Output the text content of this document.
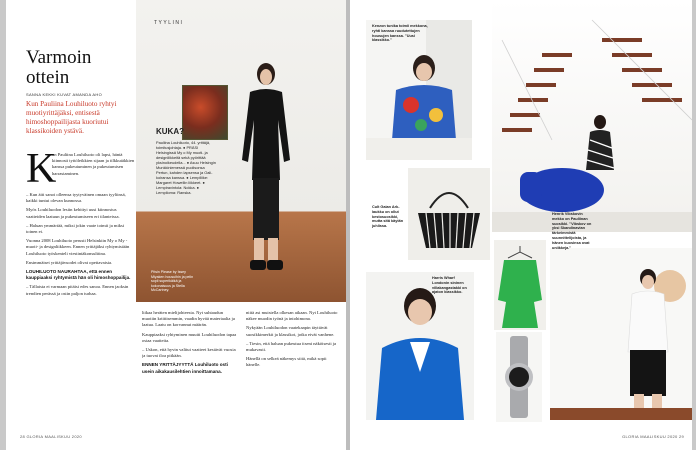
Varmoin ottein
SANNA KEKKI KUVAT AMANDA AHO
Kun Pauliina Louhiluoto ryhtyi muotiyrittäjäksi, entisestä himoshoppailijasta kuoriutui klassikoiden ystävä.
K

un Pauliina Louhiluoto oli lapsi, häntä kiinnosti tyttöleikkien sijaan ja tilkkutäkkien kanssa pukeutuminen ja pukeutumisen harrastaminen.

– Kun äiti sanoi olleensa tyytyväinen omaan tyyliinsä, kaikki tuntui olevan kunnossa.

Myös Louhiluodon lesiin kehittyi uusi kiinnostus vaatteiden laatuun ja pukeutumiseen eri tilanteissa.

– Haluan ymmärtää, miksi jokin vaate toimii ja miksi toinen ei.

Vuonna 2008 Louhiluoto perusti Helsinkiin My o My -muoti- ja designliikkeen. Ennen yrittäjäksi ryhtymistään Louhiluoto työskenteli viestintäkonsulttina.

Ensimmäiset yrittäjävuodet olivat opettavaisia.

LOUHILUOTO NAURAHTAA, että ennen kauppiaaksi ryhtymistä hän oli himoshoppailija.

– Tällaista ei varmaan pitäisi edes sanoa. Ennen jaoksin trendien perässä ja ostin paljon turhaa.

TYYLINI
KUKA?
Pauliina Louhiluoto, 44. yrittäjä, toimitusjohtaja. ● PRÄSI Helsingissä My o My muoti- ja designliikkeitä sekä pyörittää yksinoikeudella... ● Asuu Helsingin Munkkiniemessä puolisonsa Pertun, kahden lapsensa ja Oali-koiransa kanssa. ● Lempiliike: Margaret Howellin liikkeet. ● Lempiravintola: Nokka. ● Lempiloma: Ranska.
Pitsin Please by Issey Miyaken housuihin ja pelin sopii superikäikä ja kokonaisuus ja Stella McCartney.

liikaa heräten mielijohteesta. Nyt suhtaudun muotiin kriittisemmin, vaadin hyvää materiaalia ja laatua. Laatu on korvannut määrän.

Kauppiaaksi ryhtyminen muutti Louhiluodon tapaa ostaa vaatteita.

– Uskon, että hyvin valitut vaatteet kestävät vuosia ja tuovat iloa pitkään.

ENNEN YRITTÄJYYTTÄ Louhiluoto osti usein aikakausilehtien innoittamana.

niitä asi muistella olkesan aikaan. Nyt Louhiluoto näkee muodin työnä ja intohimona.

Nykyään Louhiluodon vaatekaapin täyttävät suosikkimerkit ja klassikot, jotka eivät vanhene.

– Tiesin, että haluan pukeutua itseni näköisesti ja mukavasti.

Hänellä on selkeä näkemys siitä, mikä sopii hänelle.

28 GLORIA MAALISKUU 2020
Kenzon tunika toimii mekkona, ryhti kanssa ruudutettujen housujen kanssa. "Uusi klassikko."
Cult Gaian Ark-laukku on ollut kestosuosikki, mutta sitä käytän juhlissa.
Harris Wharf Londonin sininen villakangastakki on ajaton klassikko.
Henrik Vibskovin mekko on Pauliinan suosikki. "Vibskov on yksi Skandinavian tärkeimmistä suunnittelijoista, ja hänen kuosinsa ovat uniikkeja."
GLORIA MAALISKUU 2020 29
